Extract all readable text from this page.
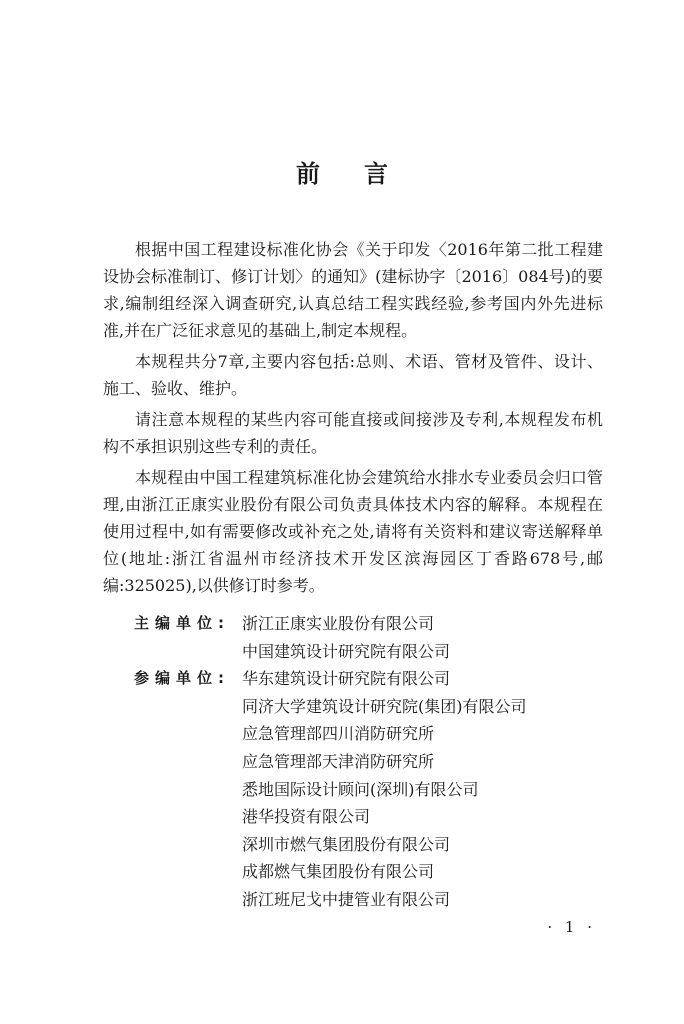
前言

根据中国工程建设标准化协会《关于印发〈2016年第二批工程建设协会标准制订、修订计划〉的通知》(建标协字〔2016〕084号)的要求,编制组经深入调查研究,认真总结工程实践经验,参考国内外先进标准,并在广泛征求意见的基础上,制定本规程。

本规程共分7章,主要内容包括:总则、术语、管材及管件、设计、施工、验收、维护。

请注意本规程的某些内容可能直接或间接涉及专利,本规程发布机构不承担识别这些专利的责任。

本规程由中国工程建筑标准化协会建筑给水排水专业委员会归口管理,由浙江正康实业股份有限公司负责具体技术内容的解释。本规程在使用过程中,如有需要修改或补充之处,请将有关资料和建议寄送解释单位(地址:浙江省温州市经济技术开发区滨海园区丁香路678号,邮编:325025),以供修订时参考。

主编单位: 浙江正康实业股份有限公司
中国建筑设计研究院有限公司
参编单位: 华东建筑设计研究院有限公司
同济大学建筑设计研究院(集团)有限公司
应急管理部四川消防研究所
应急管理部天津消防研究所
悉地国际设计顾问(深圳)有限公司
港华投资有限公司
深圳市燃气集团股份有限公司
成都燃气集团股份有限公司
浙江班尼戈中捷管业有限公司
· 1 ·
